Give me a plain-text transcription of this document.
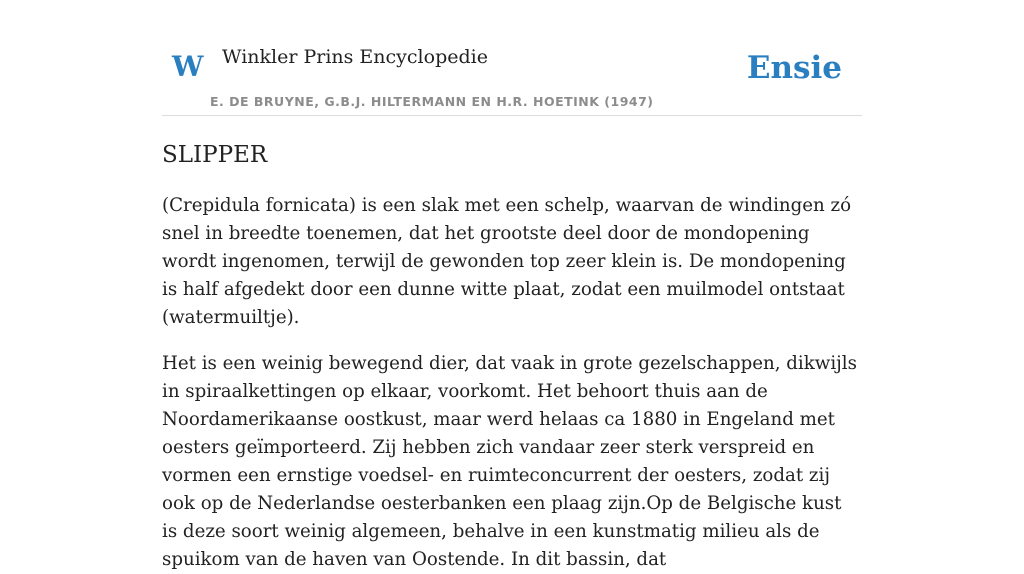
W Winkler Prins Encyclopedie
E. DE BRUYNE, G.B.J. HILTERMANN EN H.R. HOETINK (1947)
Ensie
SLIPPER

(Crepidula fornicata) is een slak met een schelp, waarvan de windingen zó snel in breedte toenemen, dat het grootste deel door de mondopening wordt ingenomen, terwijl de gewonden top zeer klein is. De mondopening is half afgedekt door een dunne witte plaat, zodat een muilmodel ontstaat (watermuiltje).

Het is een weinig bewegend dier, dat vaak in grote gezelschappen, dikwijls in spiraalkettingen op elkaar, voorkomt. Het behoort thuis aan de Noordamerikaanse oostkust, maar werd helaas ca 1880 in Engeland met oesters geïmporteerd. Zij hebben zich vandaar zeer sterk verspreid en vormen een ernstige voedsel- en ruimteconcurrent der oesters, zodat zij ook op de Nederlandse oesterbanken een plaag zijn.Op de Belgische kust is deze soort weinig algemeen, behalve in een kunstmatig milieu als de spuikom van de haven van Oostende. In dit bassin, dat
